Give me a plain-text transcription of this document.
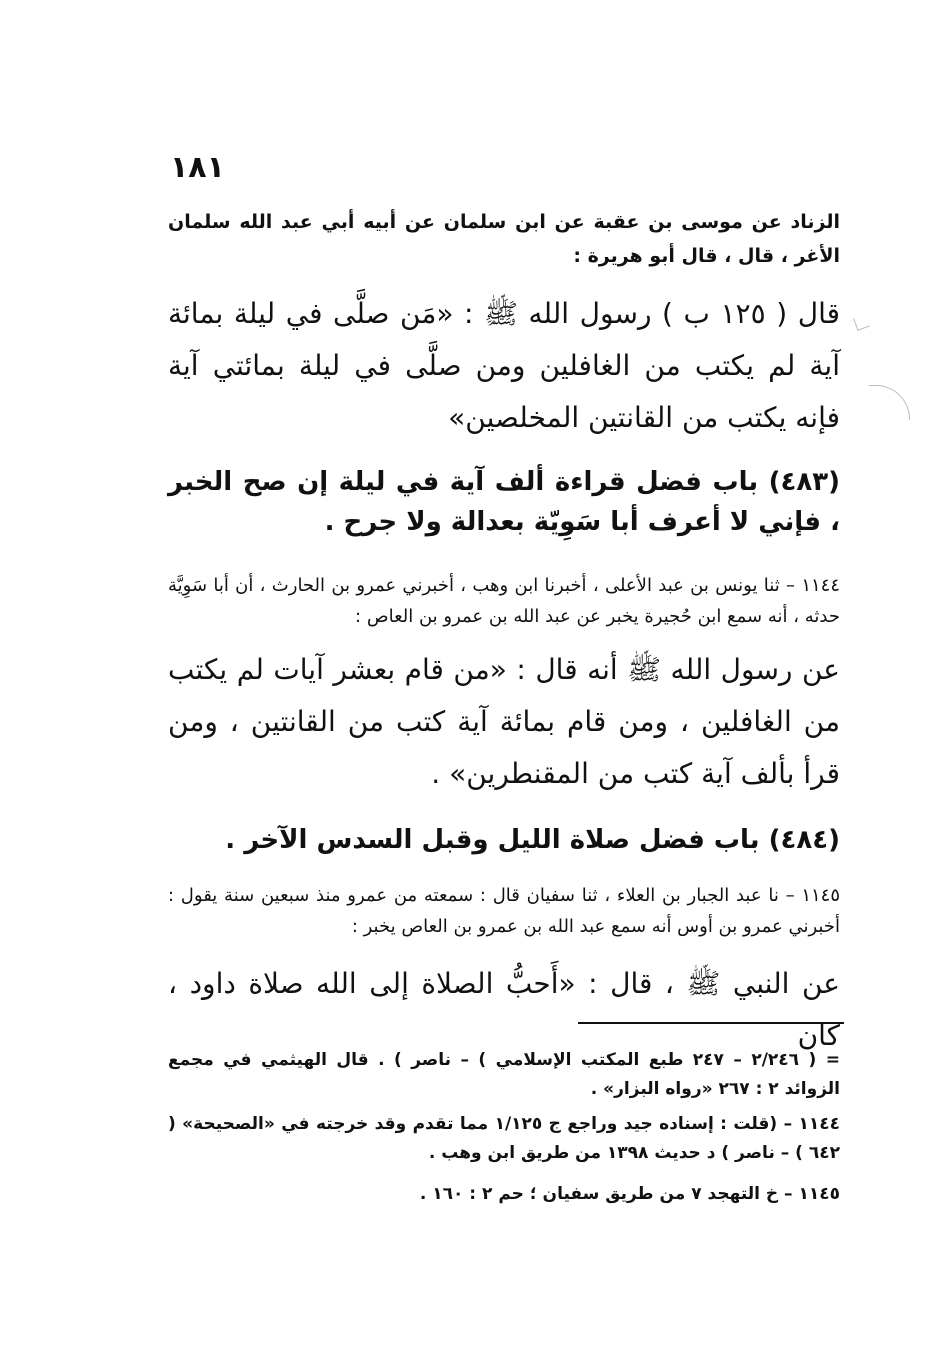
١٨١

الزناد عن موسى بن عقبة عن ابن سلمان عن أبيه أبي عبد الله سلمان الأغر ، قال ، قال أبو هريرة :

قال ( ١٢٥ ب ) رسول الله ﷺ : «مَن صلَّى في ليلة بمائة آية لم يكتب من الغافلين ومن صلَّى في ليلة بمائتي آية فإنه يكتب من القانتين المخلصين»

(٤٨٣) باب فضل قراءة ألف آية في ليلة إن صح الخبر ، فإني لا أعرف أبا سَوِيّة بعدالة ولا جرح .

١١٤٤ – ثنا يونس بن عبد الأعلى ، أخبرنا ابن وهب ، أخبرني عمرو بن الحارث ، أن أبا سَوِيَّة حدثه ، أنه سمع ابن حُجيرة يخبر عن عبد الله بن عمرو بن العاص :

عن رسول الله ﷺ أنه قال : «من قام بعشر آيات لم يكتب من الغافلين ، ومن قام بمائة آية كتب من القانتين ، ومن قرأ بألف آية كتب من المقنطرين» .

(٤٨٤) باب فضل صلاة الليل وقبل السدس الآخر .

١١٤٥ – نا عبد الجبار بن العلاء ، ثنا سفيان قال : سمعته من عمرو منذ سبعين سنة يقول : أخبرني عمرو بن أوس أنه سمع عبد الله بن عمرو بن العاص يخبر :

عن النبي ﷺ ، قال : «أَحبُّ الصلاة إلى الله صلاة داود ، كان

= ( ٢/٢٤٦ – ٢٤٧ طبع المكتب الإسلامي ) – ناصر ) . قال الهيثمي في مجمع الزوائد ٢ : ٢٦٧ «رواه البزار» .

١١٤٤ – (قلت : إسناده جيد وراجع ج ١/١٢٥ مما تقدم وقد خرجته في «الصحيحة» ( ٦٤٢ ) – ناصر ) د حديث ١٣٩٨ من طريق ابن وهب .

١١٤٥ – خ التهجد ٧ من طريق سفيان ؛ حم ٢ : ١٦٠ .
